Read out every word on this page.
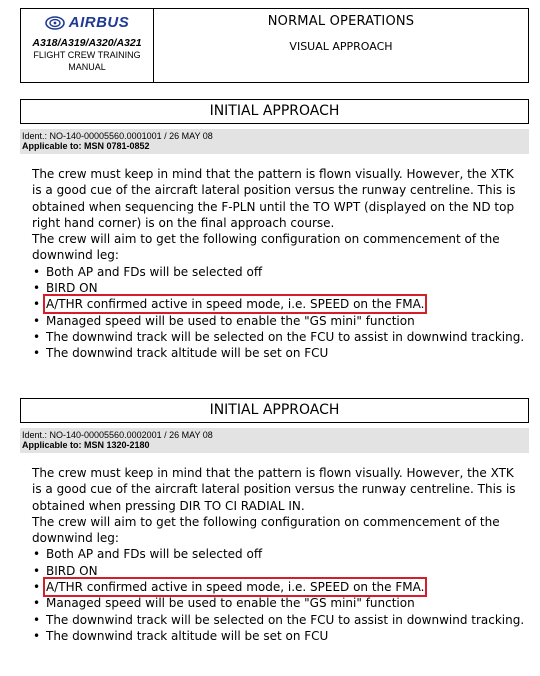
AIRBUS
A318/A319/A320/A321
FLIGHT CREW TRAINING
MANUAL
NORMAL OPERATIONS
VISUAL APPROACH
INITIAL APPROACH
Ident.: NO-140-00005560.0001001 / 26 MAY 08
Applicable to: MSN 0781-0852

The crew must keep in mind that the pattern is flown visually. However, the XTK is a good cue of the aircraft lateral position versus the runway centreline. This is obtained when sequencing the F-PLN until the TO WPT (displayed on the ND top right hand corner) is on the final approach course.

The crew will aim to get the following configuration on commencement of the downwind leg:

• Both AP and FDs will be selected off
• BIRD ON
• A/THR confirmed active in speed mode, i.e. SPEED on the FMA.
• Managed speed will be used to enable the "GS mini" function
• The downwind track will be selected on the FCU to assist in downwind tracking.
• The downwind track altitude will be set on FCU
INITIAL APPROACH
Ident.: NO-140-00005560.0002001 / 26 MAY 08
Applicable to: MSN 1320-2180

The crew must keep in mind that the pattern is flown visually. However, the XTK is a good cue of the aircraft lateral position versus the runway centreline. This is obtained when pressing DIR TO CI RADIAL IN.

The crew will aim to get the following configuration on commencement of the downwind leg:

• Both AP and FDs will be selected off
• BIRD ON
• A/THR confirmed active in speed mode, i.e. SPEED on the FMA.
• Managed speed will be used to enable the "GS mini" function
• The downwind track will be selected on the FCU to assist in downwind tracking.
• The downwind track altitude will be set on FCU
